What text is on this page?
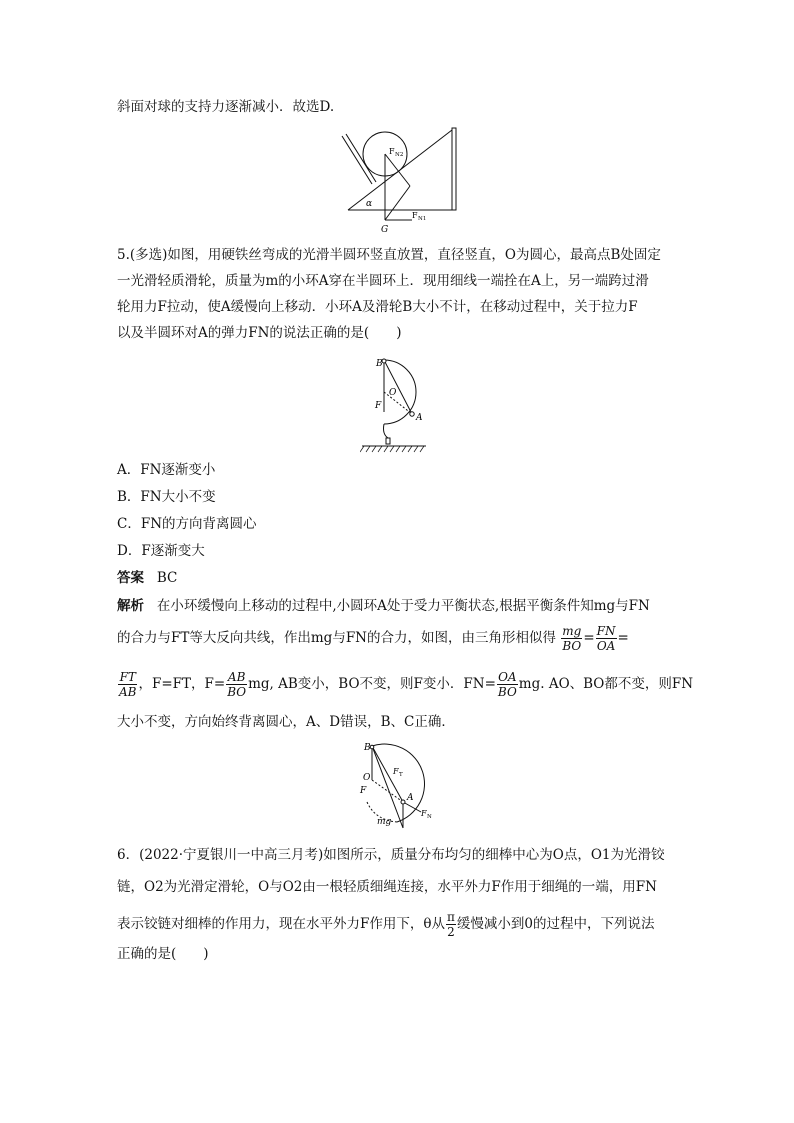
斜面对球的支持力逐渐减小．故选D.
F N2
α
G
F N1
5.(多选)如图，用硬铁丝弯成的光滑半圆环竖直放置，直径竖直，O为圆心，最高点B处固定
一光滑轻质滑轮，质量为m的小环A穿在半圆环上．现用细线一端拴在A上，另一端跨过滑
轮用力F拉动，使A缓慢向上移动．小环A及滑轮B大小不计，在移动过程中，关于拉力F
以及半圆环对A的弹力FN的说法正确的是(　　)
B
O
F
A
A．FN逐渐变小
B．FN大小不变
C．FN的方向背离圆心
D．F逐渐变大
答案 BC
解析 在小环缓慢向上移动的过程中,小圆环A处于受力平衡状态,根据平衡条件知mg与FN
的合力与FT等大反向共线，作出mg与FN的合力，如图，由三角形相似得 $\frac{mg}{BO} = \frac{FN}{OA}$ =
$\frac{FT}{AB}$ ，F=FT，$F= \frac{AB}{BO}$ mg, AB变小，BO不变，则F变小．$FN= \frac{OA}{BO}$ mg. AO、BO都不变，则FN
大小不变，方向始终背离圆心，A、D错误，B、C正确．
B
F T
O
F
A
F N
mg
6．(2022·宁夏银川一中高三月考)如图所示，质量分布均匀的细棒中心为O点，O1为光滑铰
链，O2为光滑定滑轮，O与O2由一根轻质细绳连接，水平外力F作用于细绳的一端，用FN
表示铰链对细棒的作用力，现在水平外力F作用下，θ从 $\frac{\pi}{2}$ 缓慢减小到0的过程中，下列说法
正确的是(　　)
